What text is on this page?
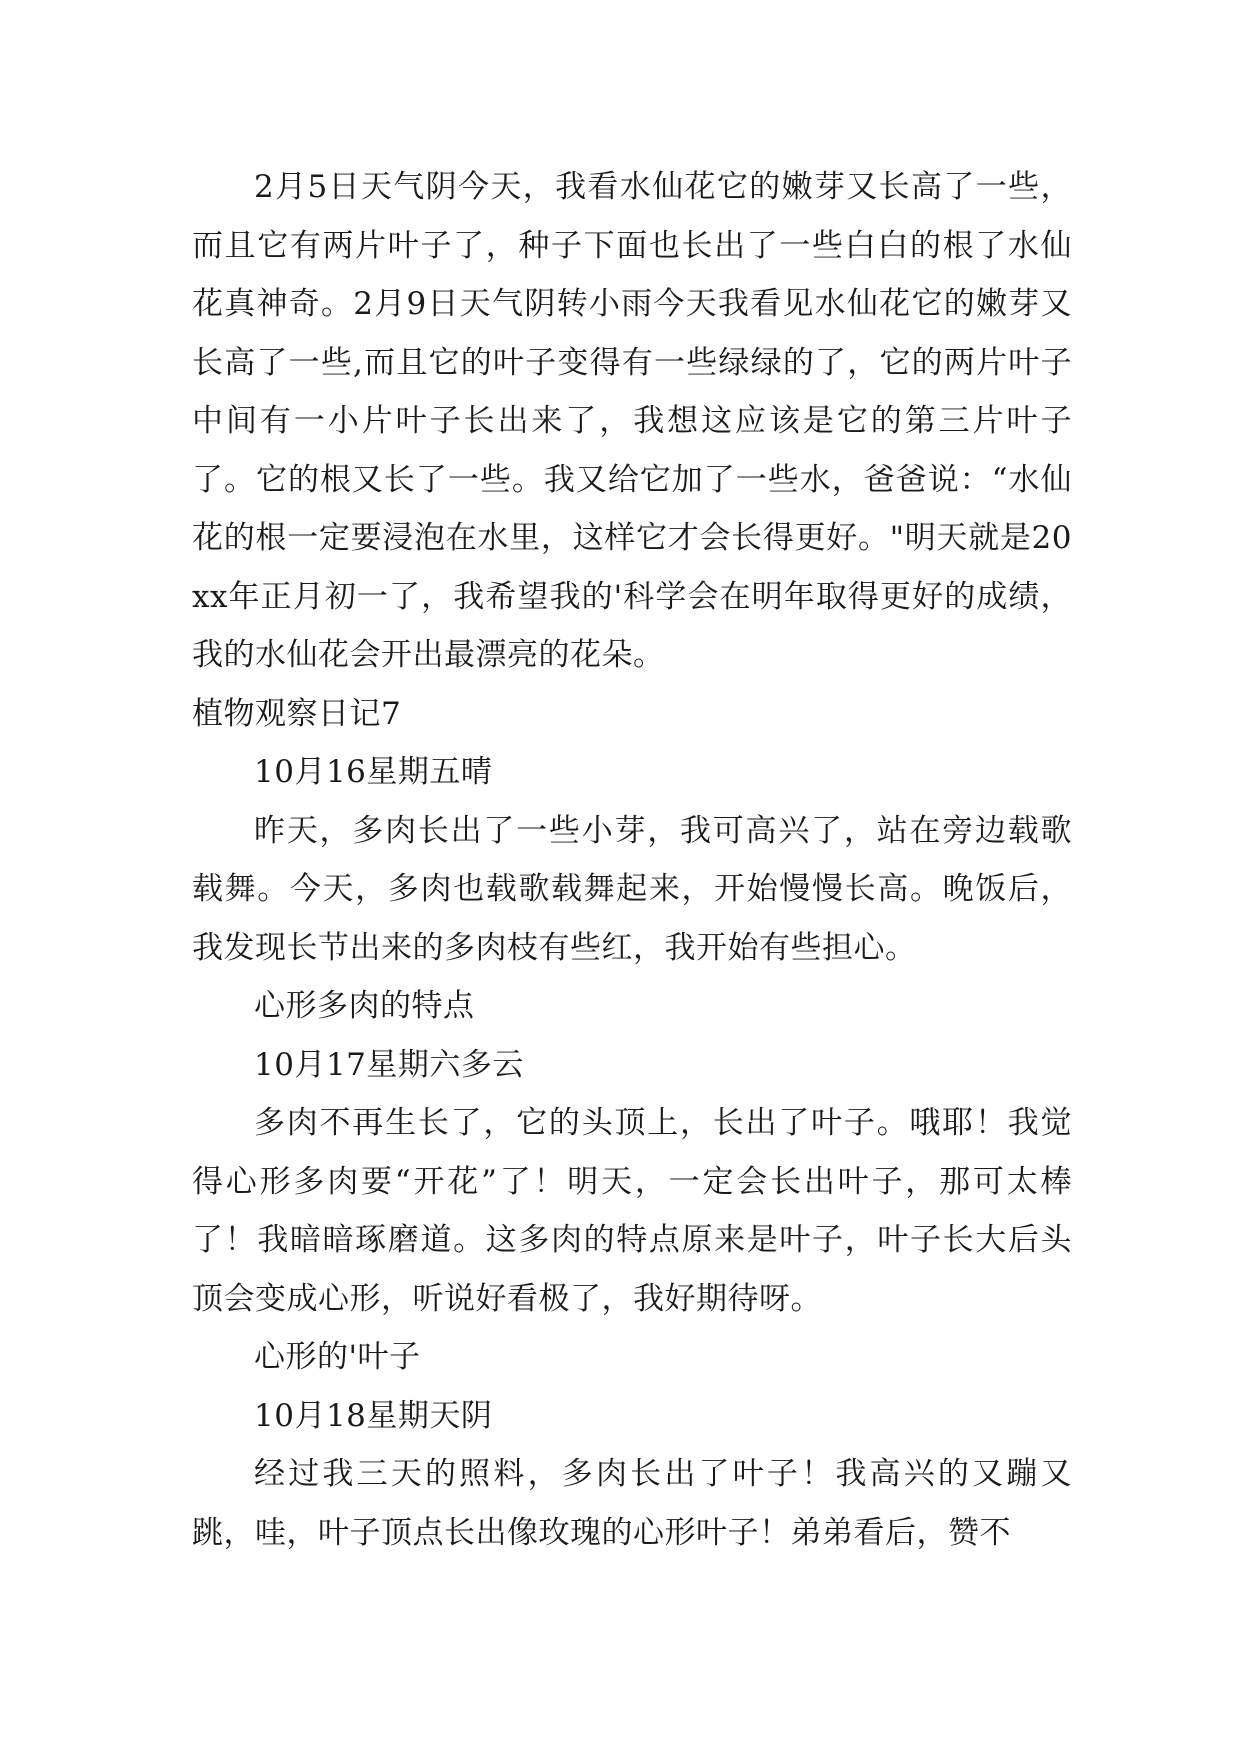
2月5日天气阴今天，我看水仙花它的嫩芽又长高了一些，而且它有两片叶子了，种子下面也长出了一些白白的根了水仙花真神奇。2月9日天气阴转小雨今天我看见水仙花它的嫩芽又长高了一些,而且它的叶子变得有一些绿绿的了，它的两片叶子中间有一小片叶子长出来了，我想这应该是它的第三片叶子了。它的根又长了一些。我又给它加了一些水，爸爸说：“水仙花的根一定要浸泡在水里，这样它才会长得更好。"明天就是20xx年正月初一了，我希望我的'科学会在明年取得更好的成绩，我的水仙花会开出最漂亮的花朵。

植物观察日记7

10月16星期五晴

昨天，多肉长出了一些小芽，我可高兴了，站在旁边载歌载舞。今天，多肉也载歌载舞起来，开始慢慢长高。晚饭后，我发现长节出来的多肉枝有些红，我开始有些担心。

心形多肉的特点

10月17星期六多云

多肉不再生长了，它的头顶上，长出了叶子。哦耶！我觉得心形多肉要“开花”了！明天，一定会长出叶子，那可太棒了！我暗暗琢磨道。这多肉的特点原来是叶子，叶子长大后头顶会变成心形，听说好看极了，我好期待呀。

心形的'叶子

10月18星期天阴

经过我三天的照料，多肉长出了叶子！我高兴的又蹦又跳，哇，叶子顶点长出像玫瑰的心形叶子！弟弟看后，赞不
